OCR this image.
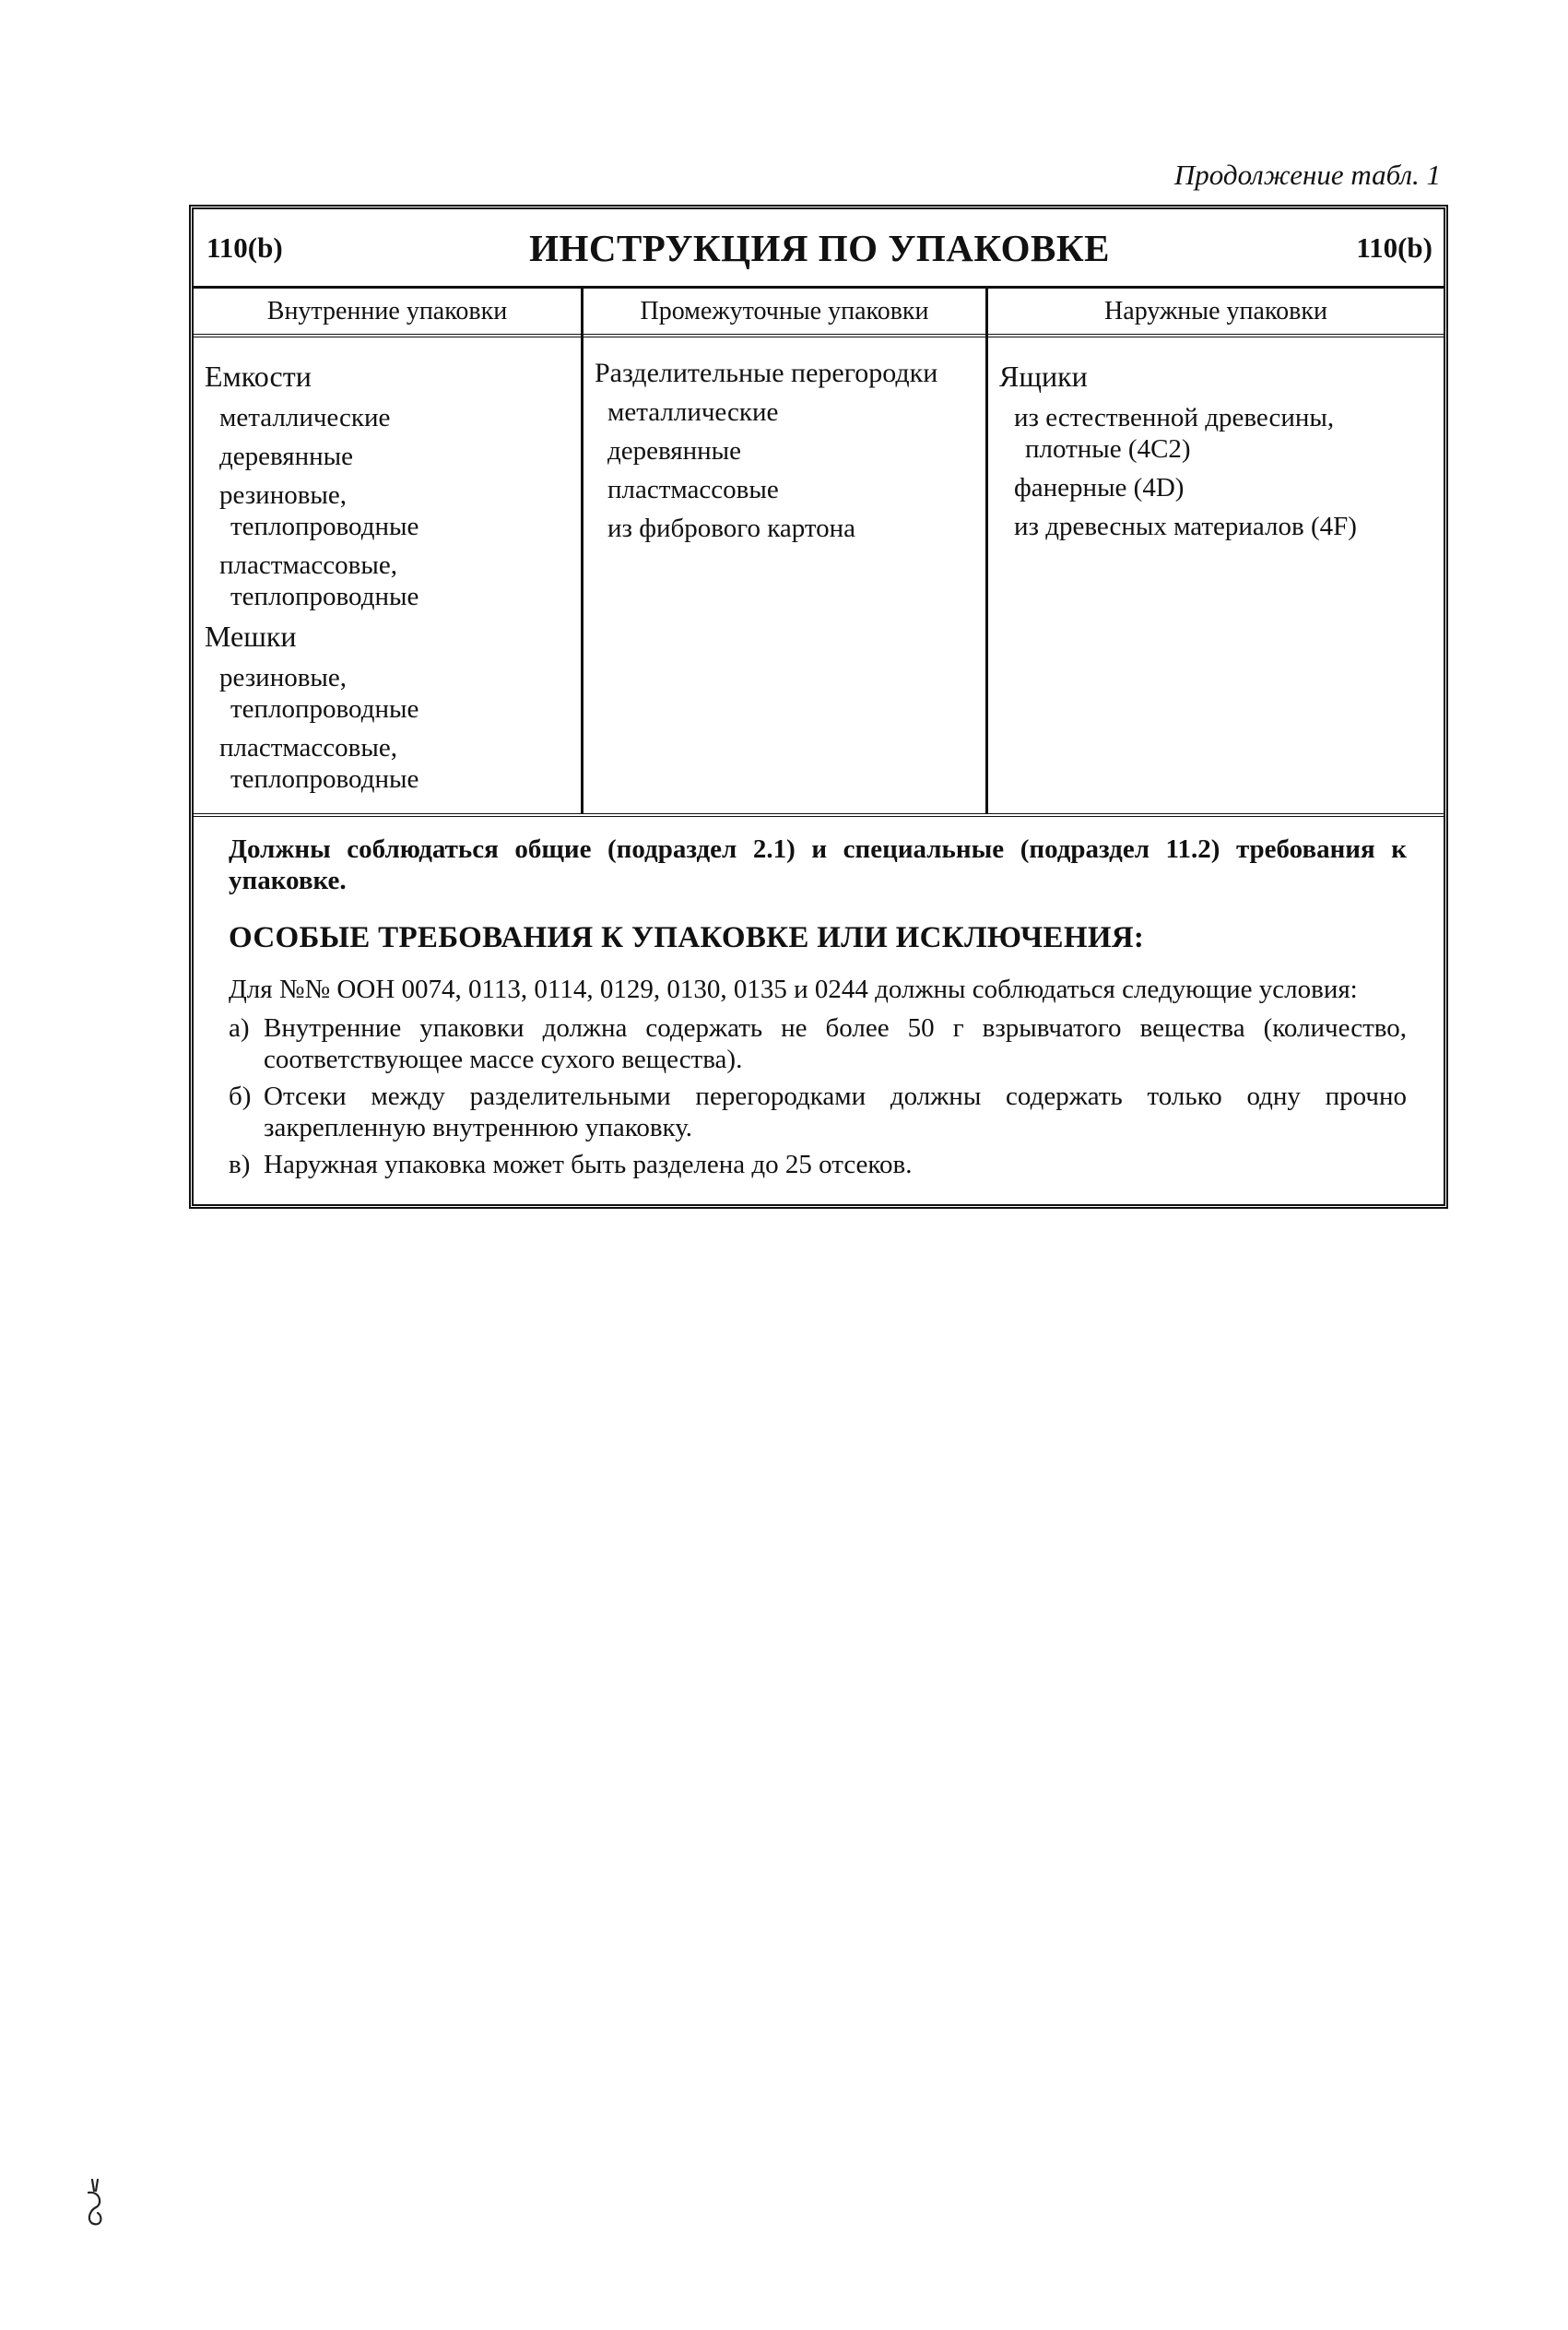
Продолжение табл. 1
110(b)	ИНСТРУКЦИЯ ПО УПАКОВКЕ	110(b)
Внутренние упаковки
Емкости
металлические
деревянные
резиновые,
теплопроводные
пластмассовые,
теплопроводные
Мешки
резиновые,
теплопроводные
пластмассовые,
теплопроводные
Промежуточные упаковки
Разделительные перегородки
металлические
деревянные
пластмассовые
из фибрового картона
Наружные упаковки
Ящики
из естественной древесины,
плотные (4C2)
фанерные (4D)
из древесных материалов (4F)

Должны соблюдаться общие (подраздел 2.1) и специальные (подраздел 11.2) требования к упаковке.

ОСОБЫЕ ТРЕБОВАНИЯ К УПАКОВКЕ ИЛИ ИСКЛЮЧЕНИЯ:

Для №№ ООН 0074, 0113, 0114, 0129, 0130, 0135 и 0244 должны соблюдаться следующие условия:

а) Внутренние упаковки должна содержать не более 50 г взрывчатого вещества (количество, соответствующее массе сухого вещества).
б) Отсеки между разделительными перегородками должны содержать только одну прочно закрепленную внутреннюю упаковку.
в) Наружная упаковка может быть разделена до 25 отсеков.
